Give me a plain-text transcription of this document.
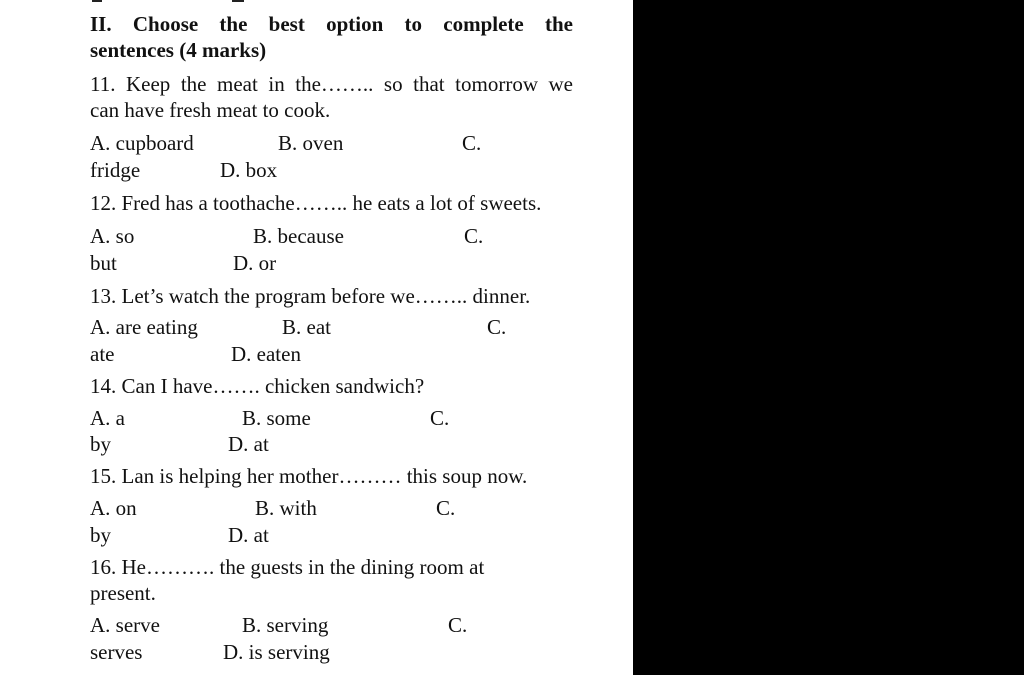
II. Choose the best option to complete the
sentences (4 marks)
11. Keep the meat in the…….. so that tomorrow we
can have fresh meat to cook.
A. cupboard	B. oven	C.
fridge	D. box
12. Fred has a toothache…….. he eats a lot of sweets.
A. so	B. because	C.
but	D. or
13. Let’s watch the program before we…….. dinner.
A. are eating	B. eat	C.
ate	D. eaten
14. Can I have……. chicken sandwich?
A. a	B. some	C.
by	D. at
15. Lan is helping her mother……… this soup now.
A. on	B. with	C.
by	D. at
16. He………. the guests in the dining room at
present.
A. serve	B. serving	C.
serves	D. is serving
